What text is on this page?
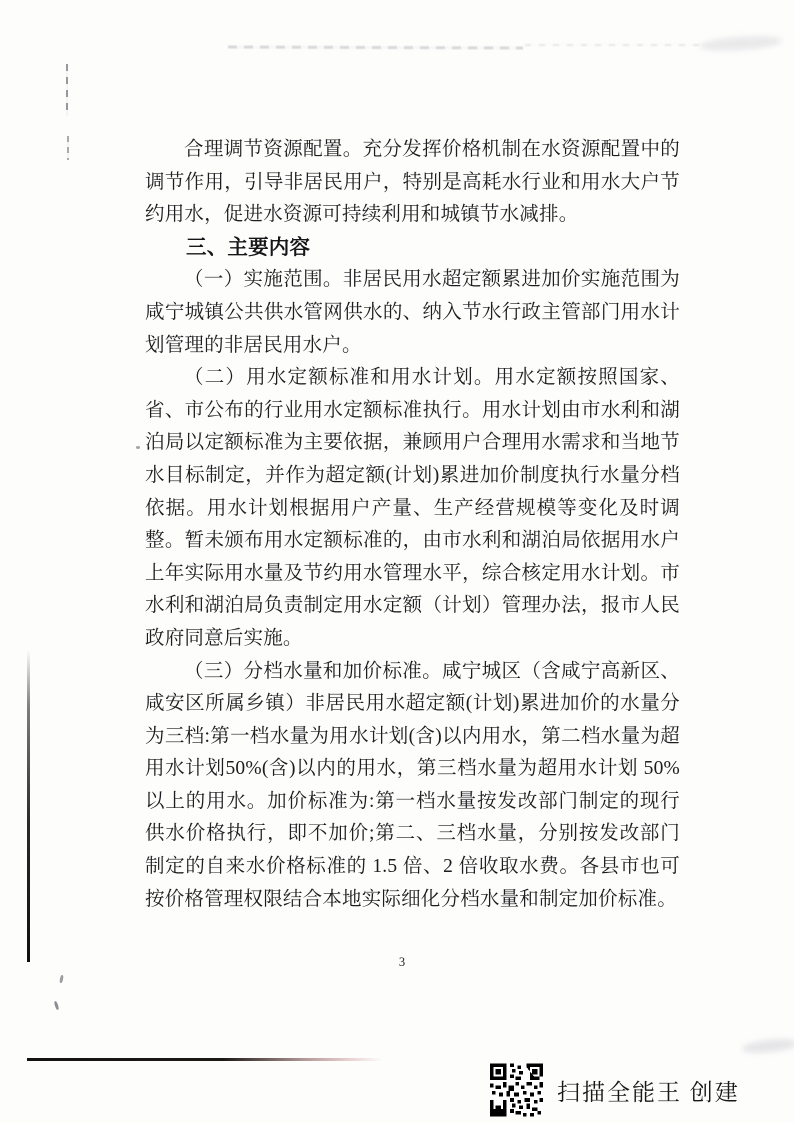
合理调节资源配置。充分发挥价格机制在水资源配置中的调节作用，引导非居民用户，特别是高耗水行业和用水大户节约用水，促进水资源可持续利用和城镇节水减排。

三、主要内容

（一）实施范围。非居民用水超定额累进加价实施范围为咸宁城镇公共供水管网供水的、纳入节水行政主管部门用水计划管理的非居民用水户。

（二）用水定额标准和用水计划。用水定额按照国家、省、市公布的行业用水定额标准执行。用水计划由市水利和湖泊局以定额标准为主要依据，兼顾用户合理用水需求和当地节水目标制定，并作为超定额(计划)累进加价制度执行水量分档依据。用水计划根据用户产量、生产经营规模等变化及时调整。暂未颁布用水定额标准的，由市水利和湖泊局依据用水户上年实际用水量及节约用水管理水平，综合核定用水计划。市水利和湖泊局负责制定用水定额（计划）管理办法，报市人民政府同意后实施。

（三）分档水量和加价标准。咸宁城区（含咸宁高新区、咸安区所属乡镇）非居民用水超定额(计划)累进加价的水量分为三档:第一档水量为用水计划(含)以内用水，第二档水量为超用水计划50%(含)以内的用水，第三档水量为超用水计划 50%以上的用水。加价标准为:第一档水量按发改部门制定的现行供水价格执行，即不加价;第二、三档水量，分别按发改部门制定的自来水价格标准的 1.5 倍、2 倍收取水费。各县市也可按价格管理权限结合本地实际细化分档水量和制定加价标准。

3
扫描全能王 创建
